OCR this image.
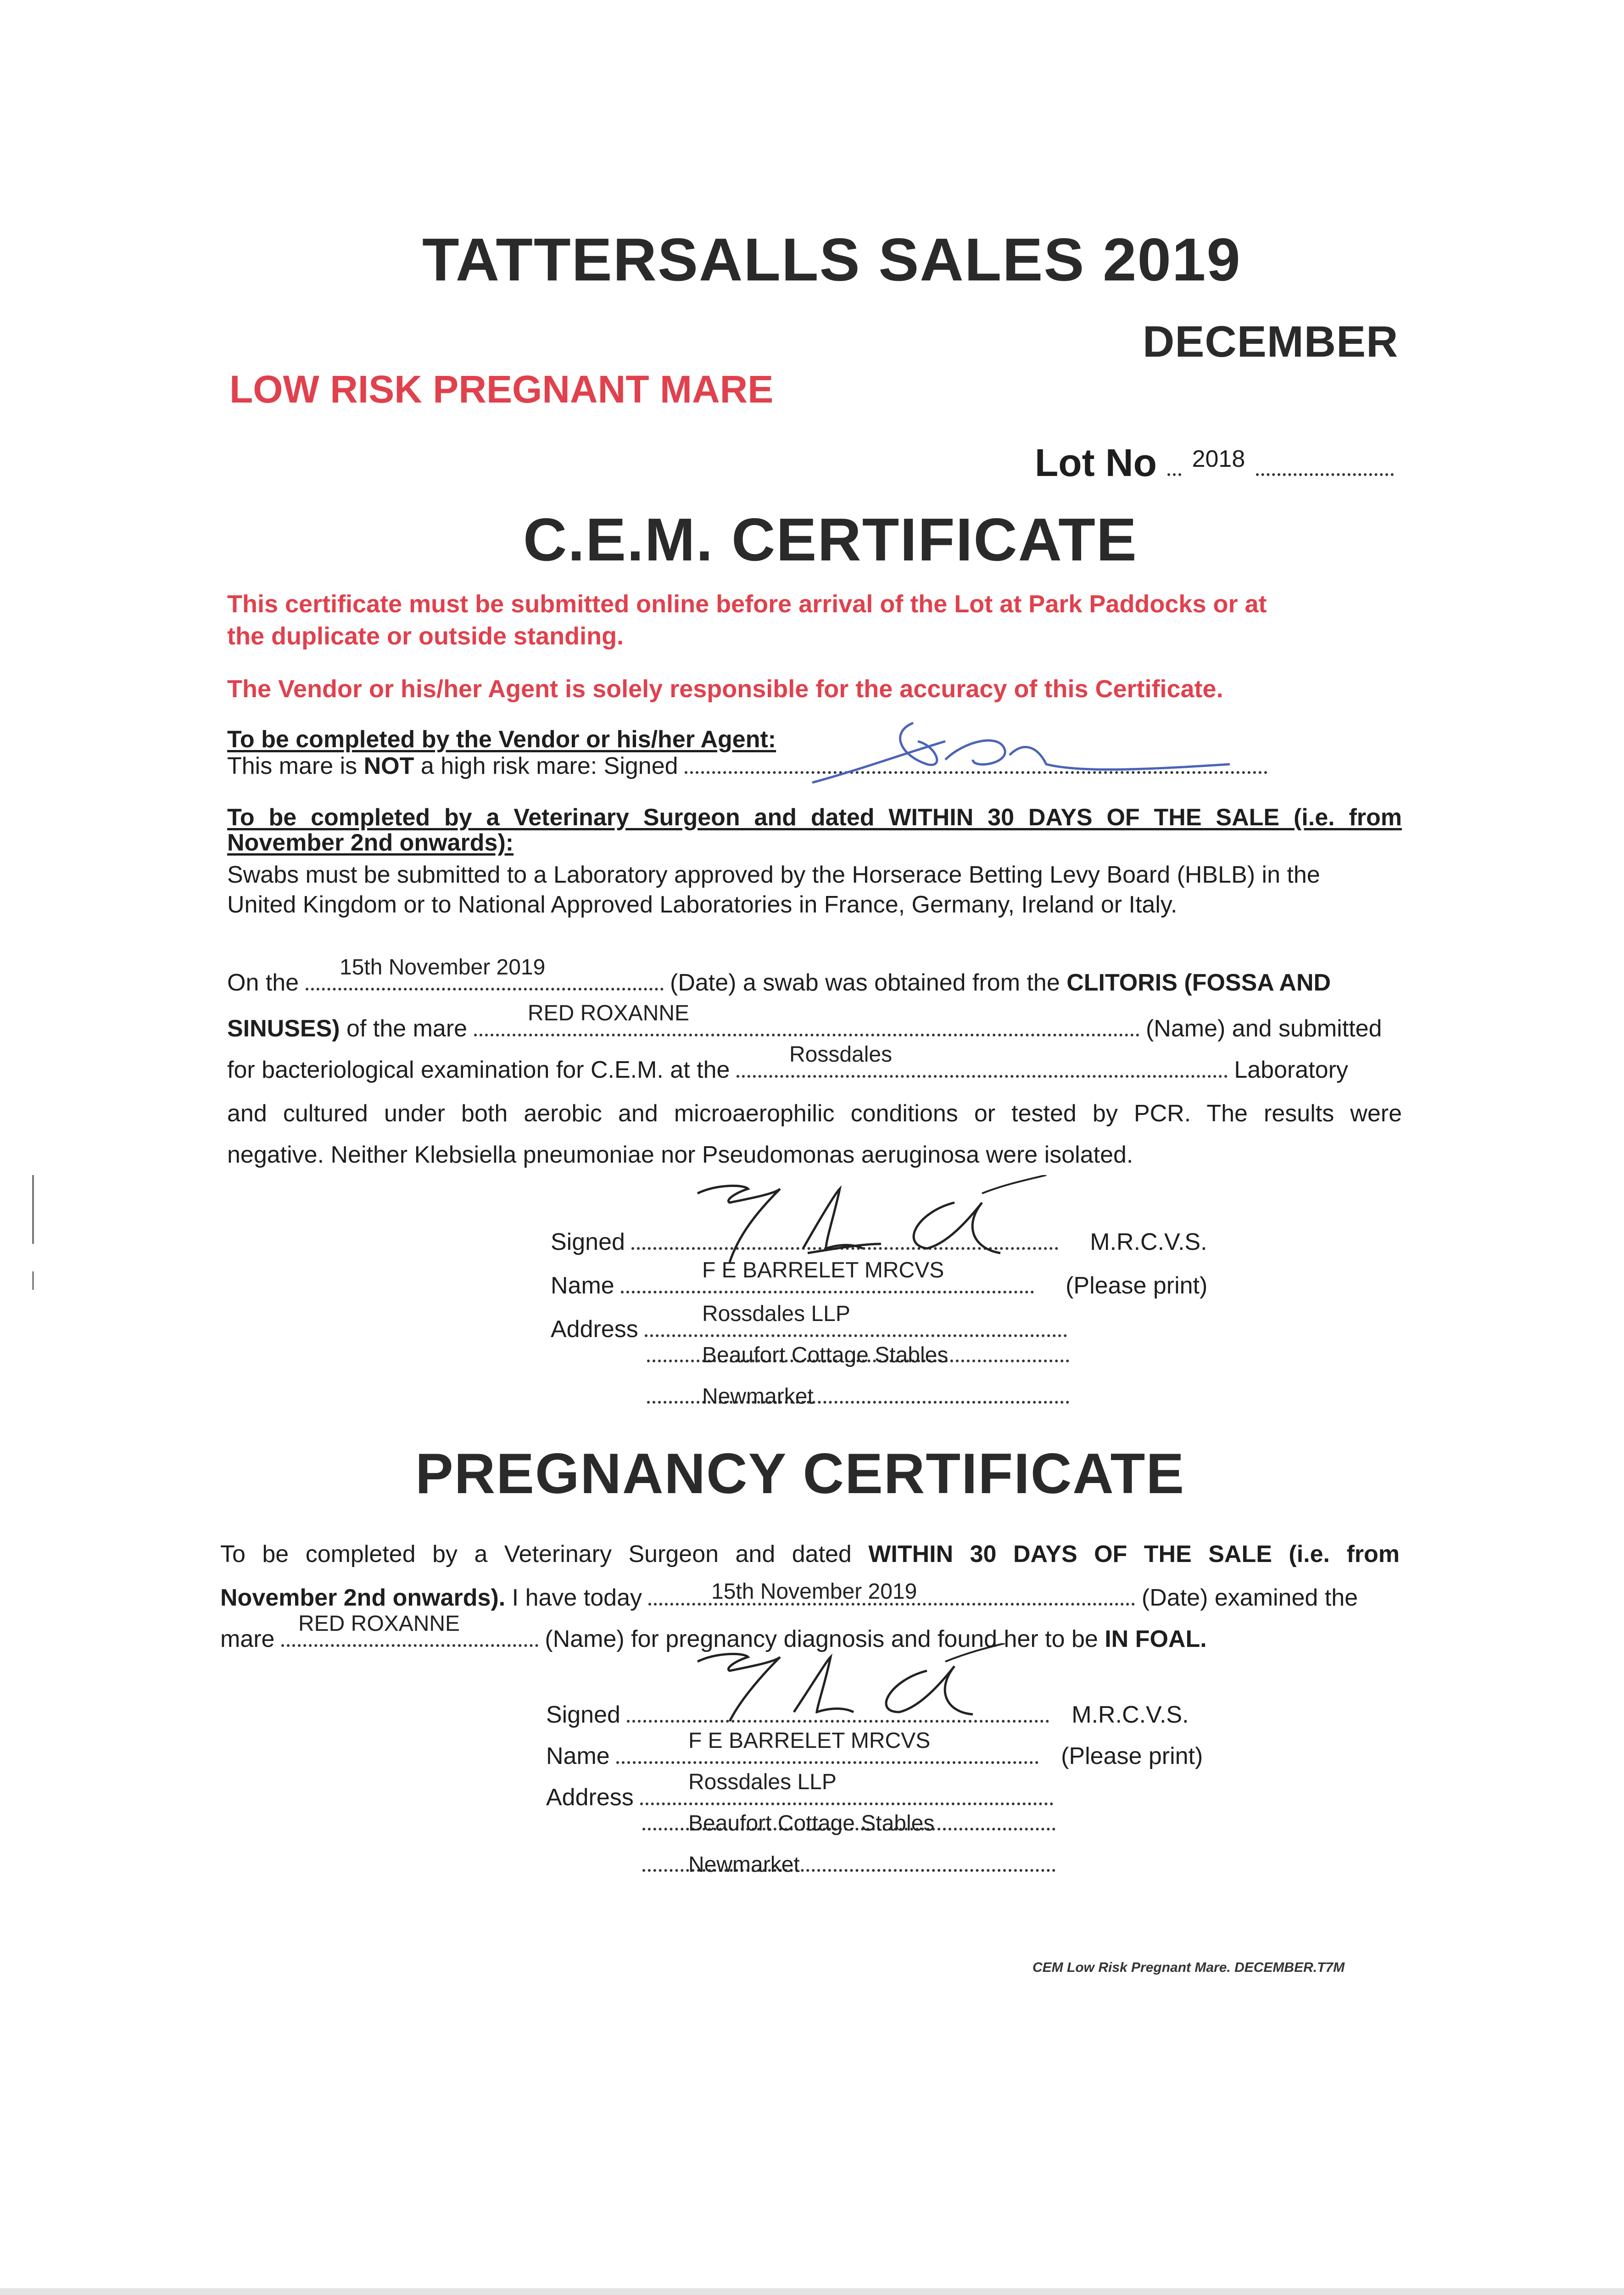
TATTERSALLS SALES 2019
DECEMBER
LOW RISK PREGNANT MARE
Lot No $^{2018}$
C.E.M. CERTIFICATE
This certificate must be submitted online before arrival of the Lot at Park Paddocks or at
the duplicate or outside standing.
The Vendor or his/her Agent is solely responsible for the accuracy of this Certificate.
To be completed by the Vendor or his/her Agent:
This mare is NOT a high risk mare: Signed
To be completed by a Veterinary Surgeon and dated WITHIN 30 DAYS OF THE SALE (i.e. from
November 2nd onwards):
Swabs must be submitted to a Laboratory approved by the Horserace Betting Levy Board (HBLB) in the
United Kingdom or to National Approved Laboratories in France, Germany, Ireland or Italy.
On the	(Date) a swab was obtained from the CLITORIS (FOSSA AND
15th November 2019
SINUSES) of the mare	(Name) and submitted
RED ROXANNE
for bacteriological examination for C.E.M. at the	Laboratory
Rossdales
and cultured under both aerobic and microaerophilic conditions or tested by PCR. The results were
negative. Neither Klebsiella pneumoniae nor Pseudomonas aeruginosa were isolated.
Signed	M.R.C.V.S.
Name	(Please print)
F E BARRELET MRCVS
Address
Rossdales LLP
Beaufort Cottage Stables
Newmarket
PREGNANCY CERTIFICATE
To be completed by a Veterinary Surgeon and dated WITHIN 30 DAYS OF THE SALE (i.e. from
November 2nd onwards). I have today	(Date) examined the
15th November 2019
mare	(Name) for pregnancy diagnosis and found her to be IN FOAL.
RED ROXANNE
Signed	M.R.C.V.S.
Name	(Please print)
F E BARRELET MRCVS
Address
Rossdales LLP
Beaufort Cottage Stables
Newmarket
CEM Low Risk Pregnant Mare. DECEMBER.T7M
